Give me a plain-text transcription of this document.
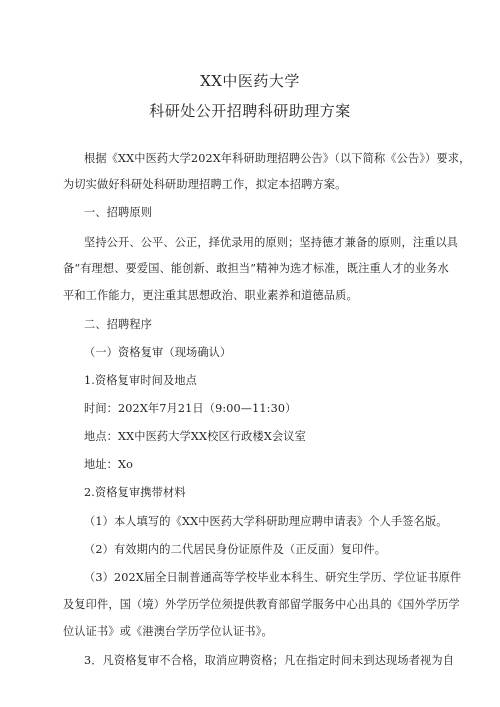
XX中医药大学
科研处公开招聘科研助理方案
根据《XX中医药大学202X年科研助理招聘公告》（以下简称《公告》）要求，
为切实做好科研处科研助理招聘工作，拟定本招聘方案。
一、招聘原则
坚持公开、公平、公正，择优录用的原则；坚持德才兼备的原则，注重以具
备“有理想、要爱国、能创新、敢担当”精神为选才标准，既注重人才的业务水
平和工作能力，更注重其思想政治、职业素养和道德品质。
二、招聘程序
（一）资格复审（现场确认）
1.资格复审时间及地点
时间：202X年7月21日（9:00—11:30）
地点：XX中医药大学XX校区行政楼X会议室
地址：Xo
2.资格复审携带材料
（1）本人填写的《XX中医药大学科研助理应聘申请表》个人手签名版。
（2）有效期内的二代居民身份证原件及（正反面）复印件。
（3）202X届全日制普通高等学校毕业本科生、研究生学历、学位证书原件
及复印件，国（境）外学历学位须提供教育部留学服务中心出具的《国外学历学
位认证书》或《港澳台学历学位认证书》。
3．凡资格复审不合格，取消应聘资格；凡在指定时间未到达现场者视为自
